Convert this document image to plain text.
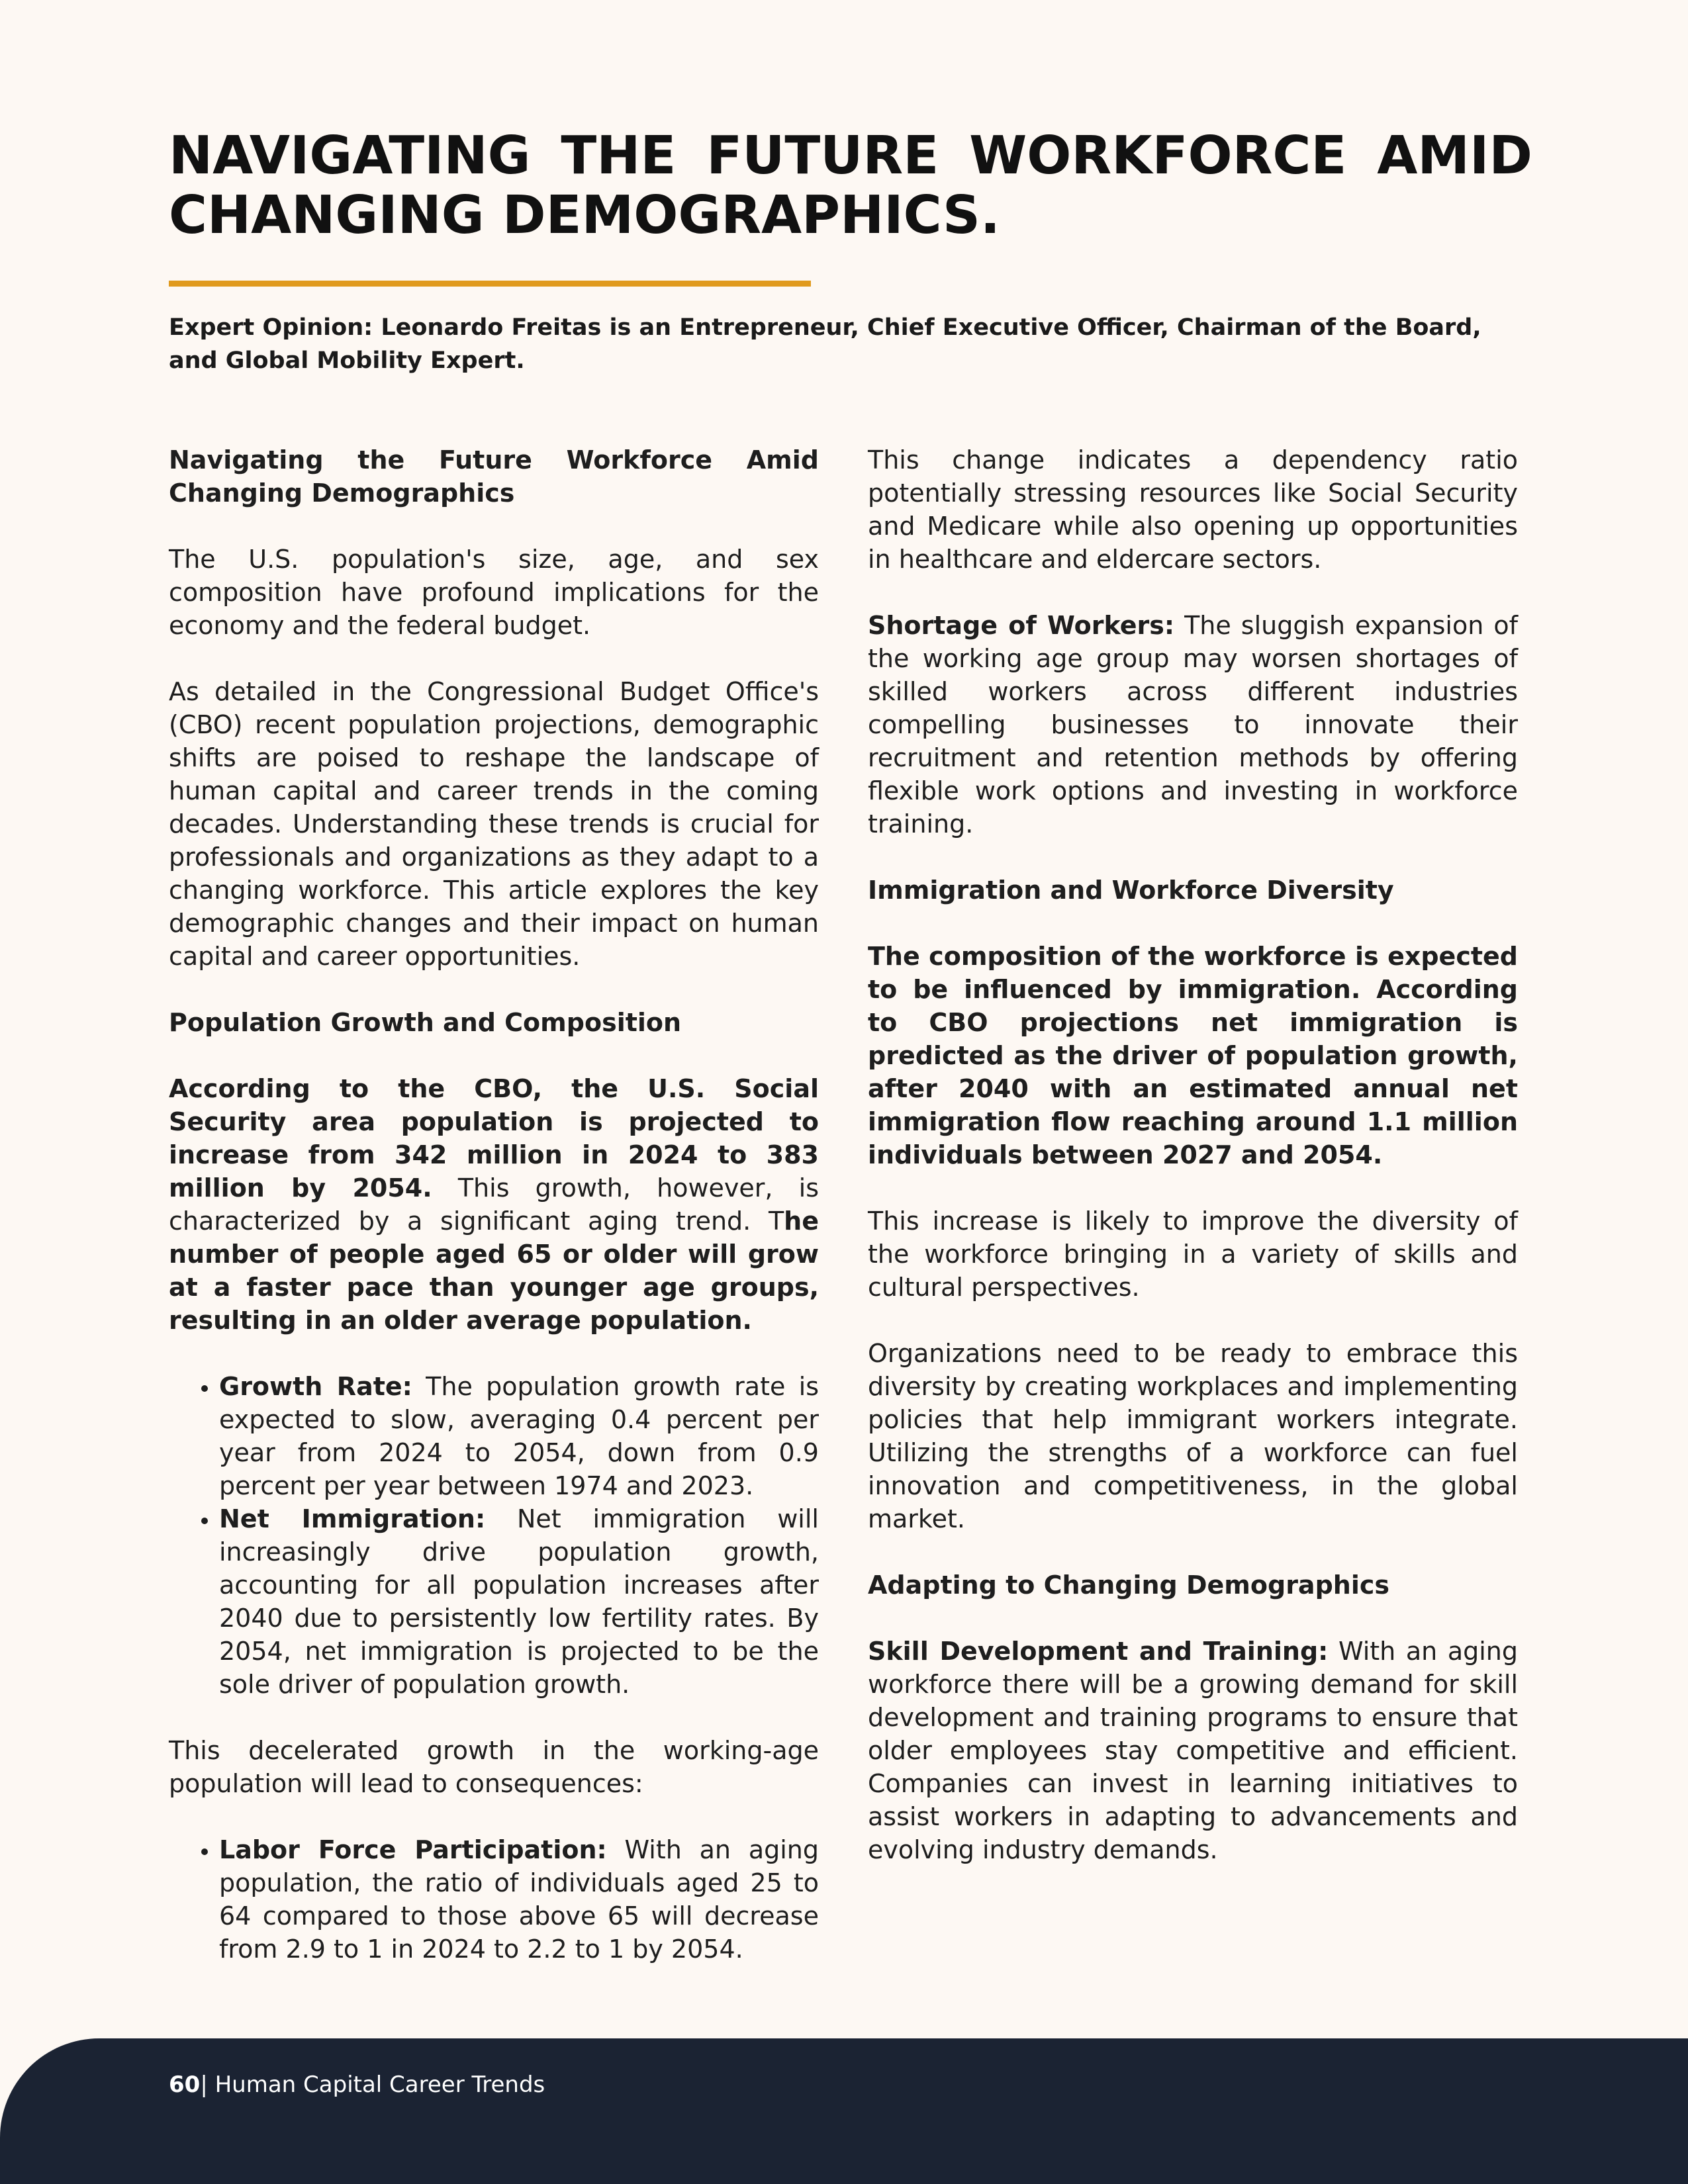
NAVIGATING THE FUTURE WORKFORCE AMID CHANGING DEMOGRAPHICS.

Expert Opinion: Leonardo Freitas is an Entrepreneur, Chief Executive Officer, Chairman of the Board, and Global Mobility Expert.

Navigating the Future Workforce Amid Changing Demographics

The U.S. population's size, age, and sex composition have profound implications for the economy and the federal budget.

As detailed in the Congressional Budget Office's (CBO) recent population projections, demographic shifts are poised to reshape the landscape of human capital and career trends in the coming decades. Understanding these trends is crucial for professionals and organizations as they adapt to a changing workforce. This article explores the key demographic changes and their impact on human capital and career opportunities.

Population Growth and Composition

According to the CBO, the U.S. Social Security area population is projected to increase from 342 million in 2024 to 383 million by 2054. This growth, however, is characterized by a significant aging trend. The number of people aged 65 or older will grow at a faster pace than younger age groups, resulting in an older average population.

• Growth Rate: The population growth rate is expected to slow, averaging 0.4 percent per year from 2024 to 2054, down from 0.9 percent per year between 1974 and 2023.
• Net Immigration: Net immigration will increasingly drive population growth, accounting for all population increases after 2040 due to persistently low fertility rates. By 2054, net immigration is projected to be the sole driver of population growth.

This decelerated growth in the working-age population will lead to consequences:

• Labor Force Participation: With an aging population, the ratio of individuals aged 25 to 64 compared to those above 65 will decrease from 2.9 to 1 in 2024 to 2.2 to 1 by 2054.

This change indicates a dependency ratio potentially stressing resources like Social Security and Medicare while also opening up opportunities in healthcare and eldercare sectors.

Shortage of Workers: The sluggish expansion of the working age group may worsen shortages of skilled workers across different industries compelling businesses to innovate their recruitment and retention methods by offering flexible work options and investing in workforce training.

Immigration and Workforce Diversity

The composition of the workforce is expected to be influenced by immigration. According to CBO projections net immigration is predicted as the driver of population growth, after 2040 with an estimated annual net immigration flow reaching around 1.1 million individuals between 2027 and 2054.

This increase is likely to improve the diversity of the workforce bringing in a variety of skills and cultural perspectives.

Organizations need to be ready to embrace this diversity by creating workplaces and implementing policies that help immigrant workers integrate. Utilizing the strengths of a workforce can fuel innovation and competitiveness, in the global market.

Adapting to Changing Demographics

Skill Development and Training: With an aging workforce there will be a growing demand for skill development and training programs to ensure that older employees stay competitive and efficient. Companies can invest in learning initiatives to assist workers in adapting to advancements and evolving industry demands.

60| Human Capital Career Trends
